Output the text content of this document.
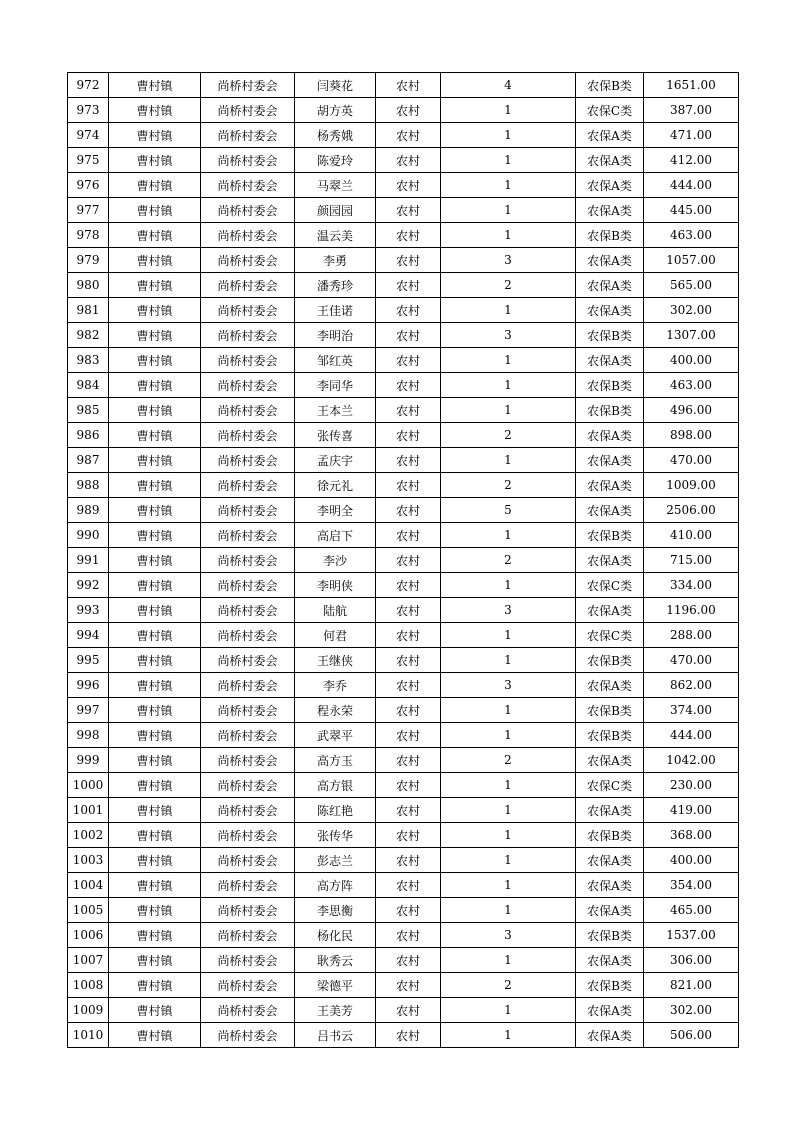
972	曹村镇	尚桥村委会	闫葵花	农村	4	农保B类	1651.00
973	曹村镇	尚桥村委会	胡方英	农村	1	农保C类	387.00
974	曹村镇	尚桥村委会	杨秀娥	农村	1	农保A类	471.00
975	曹村镇	尚桥村委会	陈爱玲	农村	1	农保A类	412.00
976	曹村镇	尚桥村委会	马翠兰	农村	1	农保A类	444.00
977	曹村镇	尚桥村委会	颜园园	农村	1	农保A类	445.00
978	曹村镇	尚桥村委会	温云美	农村	1	农保B类	463.00
979	曹村镇	尚桥村委会	李勇	农村	3	农保A类	1057.00
980	曹村镇	尚桥村委会	潘秀珍	农村	2	农保A类	565.00
981	曹村镇	尚桥村委会	王佳诺	农村	1	农保A类	302.00
982	曹村镇	尚桥村委会	李明治	农村	3	农保B类	1307.00
983	曹村镇	尚桥村委会	邹红英	农村	1	农保A类	400.00
984	曹村镇	尚桥村委会	李同华	农村	1	农保B类	463.00
985	曹村镇	尚桥村委会	王本兰	农村	1	农保B类	496.00
986	曹村镇	尚桥村委会	张传喜	农村	2	农保A类	898.00
987	曹村镇	尚桥村委会	孟庆宇	农村	1	农保A类	470.00
988	曹村镇	尚桥村委会	徐元礼	农村	2	农保A类	1009.00
989	曹村镇	尚桥村委会	李明全	农村	5	农保A类	2506.00
990	曹村镇	尚桥村委会	高启下	农村	1	农保B类	410.00
991	曹村镇	尚桥村委会	李沙	农村	2	农保A类	715.00
992	曹村镇	尚桥村委会	李明侠	农村	1	农保C类	334.00
993	曹村镇	尚桥村委会	陆航	农村	3	农保A类	1196.00
994	曹村镇	尚桥村委会	何君	农村	1	农保C类	288.00
995	曹村镇	尚桥村委会	王继侠	农村	1	农保B类	470.00
996	曹村镇	尚桥村委会	李乔	农村	3	农保A类	862.00
997	曹村镇	尚桥村委会	程永荣	农村	1	农保B类	374.00
998	曹村镇	尚桥村委会	武翠平	农村	1	农保B类	444.00
999	曹村镇	尚桥村委会	高方玉	农村	2	农保A类	1042.00
1000	曹村镇	尚桥村委会	高方银	农村	1	农保C类	230.00
1001	曹村镇	尚桥村委会	陈红艳	农村	1	农保A类	419.00
1002	曹村镇	尚桥村委会	张传华	农村	1	农保B类	368.00
1003	曹村镇	尚桥村委会	彭志兰	农村	1	农保A类	400.00
1004	曹村镇	尚桥村委会	高方阵	农村	1	农保A类	354.00
1005	曹村镇	尚桥村委会	李思衡	农村	1	农保A类	465.00
1006	曹村镇	尚桥村委会	杨化民	农村	3	农保B类	1537.00
1007	曹村镇	尚桥村委会	耿秀云	农村	1	农保A类	306.00
1008	曹村镇	尚桥村委会	梁德平	农村	2	农保B类	821.00
1009	曹村镇	尚桥村委会	王美芳	农村	1	农保A类	302.00
1010	曹村镇	尚桥村委会	吕书云	农村	1	农保A类	506.00
